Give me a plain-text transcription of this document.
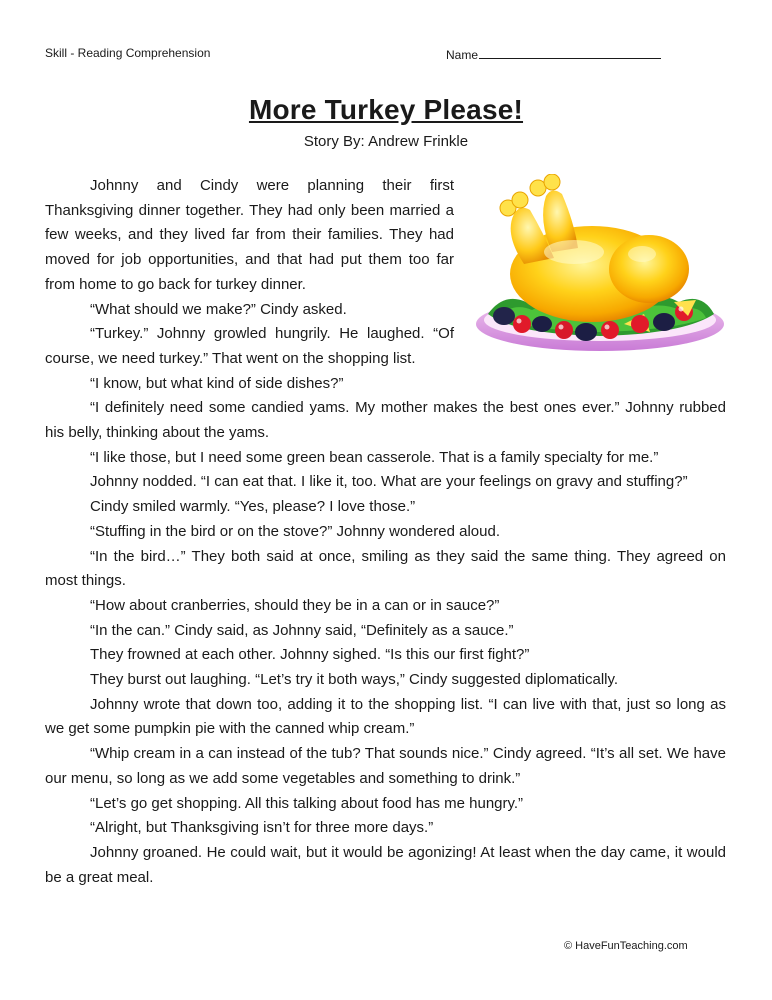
Skill - Reading Comprehension	Name
More Turkey Please!
Story By: Andrew Frinkle

Johnny and Cindy were planning their first Thanksgiving dinner together. They had only been married a few weeks, and they lived far from their families. They had moved for job opportunities, and that had put them too far from home to go back for turkey dinner.

“What should we make?” Cindy asked.

“Turkey.” Johnny growled hungrily. He laughed. “Of course, we need turkey.” That went on the shopping list.

“I know, but what kind of side dishes?”

“I definitely need some candied yams. My mother makes the best ones ever.” Johnny rubbed his belly, thinking about the yams.

“I like those, but I need some green bean casserole. That is a family specialty for me.”

Johnny nodded. “I can eat that. I like it, too. What are your feelings on gravy and stuffing?”

Cindy smiled warmly. “Yes, please? I love those.”

“Stuffing in the bird or on the stove?” Johnny wondered aloud.

“In the bird…” They both said at once, smiling as they said the same thing. They agreed on most things.

“How about cranberries, should they be in a can or in sauce?”

“In the can.” Cindy said, as Johnny said, “Definitely as a sauce.”

They frowned at each other. Johnny sighed. “Is this our first fight?”

They burst out laughing. “Let’s try it both ways,” Cindy suggested diplomatically.

Johnny wrote that down too, adding it to the shopping list. “I can live with that, just so long as we get some pumpkin pie with the canned whip cream.”

“Whip cream in a can instead of the tub? That sounds nice.” Cindy agreed. “It’s all set. We have our menu, so long as we add some vegetables and something to drink.”

“Let’s go get shopping. All this talking about food has me hungry.”

“Alright, but Thanksgiving isn’t for three more days.”

Johnny groaned. He could wait, but it would be agonizing! At least when the day came, it would be a great meal.

© HaveFunTeaching.com
